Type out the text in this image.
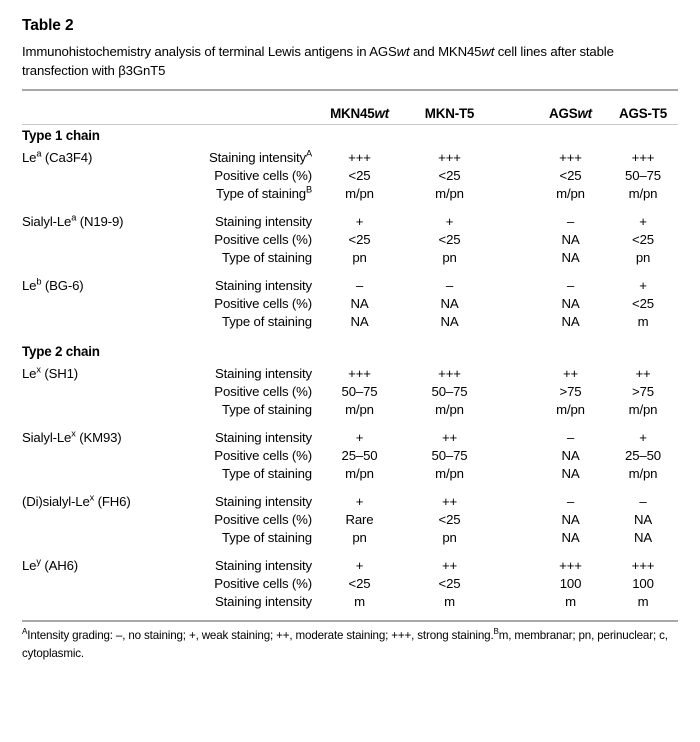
Table 2
Immunohistochemistry analysis of terminal Lewis antigens in AGSwt and MKN45wt cell lines after stable transfection with β3GnT5
		MKN45wt	MKN-T5		AGSwt	AGS-T5

Type 1 chain						
Le$^a$ (Ca3F4)	Staining intensity$^A$	+++	+++		+++	+++
	Positive cells (%)	<25	<25		<25	50–75
	Type of staining$^B$	m/pn	m/pn		m/pn	m/pn

Sialyl-Le$^a$ (N19-9)	Staining intensity	+	+		–	+
	Positive cells (%)	<25	<25		NA	<25
	Type of staining	pn	pn		NA	pn

Le$^b$ (BG-6)	Staining intensity	–	–		–	+
	Positive cells (%)	NA	NA		NA	<25
	Type of staining	NA	NA		NA	m

Type 2 chain						
Le$^x$ (SH1)	Staining intensity	+++	+++		++	++
	Positive cells (%)	50–75	50–75		>75	>75
	Type of staining	m/pn	m/pn		m/pn	m/pn

Sialyl-Le$^x$ (KM93)	Staining intensity	+	++		–	+
	Positive cells (%)	25–50	50–75		NA	25–50
	Type of staining	m/pn	m/pn		NA	m/pn

(Di)sialyl-Le$^x$ (FH6)	Staining intensity	+	++		–	–
	Positive cells (%)	Rare	<25		NA	NA
	Type of staining	pn	pn		NA	NA

Le$^y$ (AH6)	Staining intensity	+	++		+++	+++
	Positive cells (%)	<25	<25		100	100
	Staining intensity	m	m		m	m

$^A$Intensity grading: –, no staining; +, weak staining; ++, moderate staining; +++, strong staining.$^B$m, membranar; pn, perinuclear; c, cytoplasmic.
